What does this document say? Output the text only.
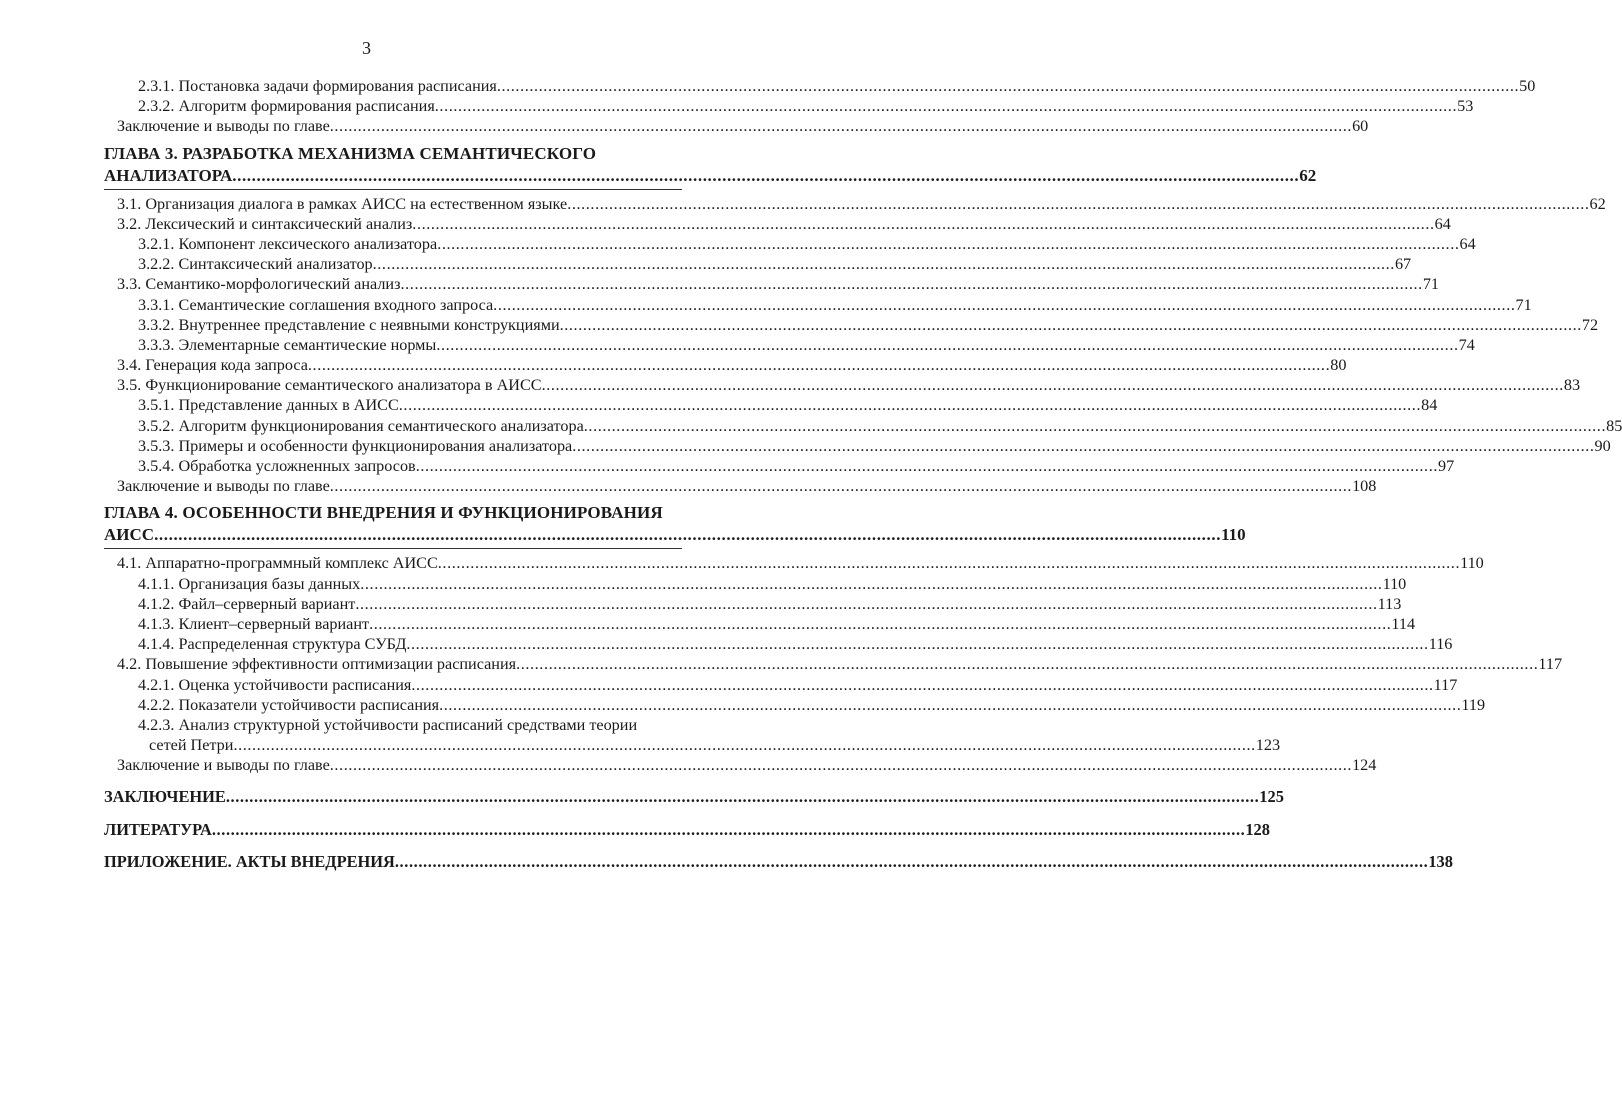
3
2.3.1. Постановка задачи формирования расписания ............................................................................................................................................................................................................................ 50
2.3.2. Алгоритм формирования расписания ............................................................................................................................................................................................................................ 53
Заключение и выводы по главе ............................................................................................................................................................................................................................ 60
ГЛАВА 3. РАЗРАБОТКА МЕХАНИЗМА СЕМАНТИЧЕСКОГО
АНАЛИЗАТОРА ............................................................................................................................................................................................................................ 62
3.1. Организация диалога в рамках АИСС на естественном языке ............................................................................................................................................................................................................................ 62
3.2. Лексический и синтаксический анализ ............................................................................................................................................................................................................................ 64
3.2.1. Компонент лексического анализатора ............................................................................................................................................................................................................................ 64
3.2.2. Синтаксический анализатор ............................................................................................................................................................................................................................ 67
3.3. Семантико-морфологический анализ ............................................................................................................................................................................................................................ 71
3.3.1. Семантические соглашения входного запроса ............................................................................................................................................................................................................................ 71
3.3.2. Внутреннее представление с неявными конструкциями ............................................................................................................................................................................................................................ 72
3.3.3. Элементарные семантические нормы ............................................................................................................................................................................................................................ 74
3.4. Генерация кода запроса ............................................................................................................................................................................................................................ 80
3.5. Функционирование семантического анализатора в АИСС ............................................................................................................................................................................................................................ 83
3.5.1. Представление данных в АИСС ............................................................................................................................................................................................................................ 84
3.5.2. Алгоритм функционирования семантического анализатора ............................................................................................................................................................................................................................ 85
3.5.3. Примеры и особенности функционирования анализатора ............................................................................................................................................................................................................................ 90
3.5.4. Обработка усложненных запросов ............................................................................................................................................................................................................................ 97
Заключение и выводы по главе ............................................................................................................................................................................................................................ 108
ГЛАВА 4. ОСОБЕННОСТИ ВНЕДРЕНИЯ И ФУНКЦИОНИРОВАНИЯ
АИСС ............................................................................................................................................................................................................................ 110
4.1. Аппаратно-программный комплекс АИСС ............................................................................................................................................................................................................................ 110
4.1.1. Организация базы данных ............................................................................................................................................................................................................................ 110
4.1.2. Файл–серверный вариант ............................................................................................................................................................................................................................ 113
4.1.3. Клиент–серверный вариант ............................................................................................................................................................................................................................ 114
4.1.4. Распределенная структура СУБД ............................................................................................................................................................................................................................ 116
4.2. Повышение эффективности оптимизации расписания ............................................................................................................................................................................................................................ 117
4.2.1. Оценка устойчивости расписания ............................................................................................................................................................................................................................ 117
4.2.2. Показатели устойчивости расписания ............................................................................................................................................................................................................................ 119
4.2.3. Анализ структурной устойчивости расписаний средствами теории
сетей Петри ............................................................................................................................................................................................................................ 123
Заключение и выводы по главе ............................................................................................................................................................................................................................ 124
ЗАКЛЮЧЕНИЕ ............................................................................................................................................................................................................................ 125
ЛИТЕРАТУРА ............................................................................................................................................................................................................................ 128
ПРИЛОЖЕНИЕ. АКТЫ ВНЕДРЕНИЯ ............................................................................................................................................................................................................................ 138
